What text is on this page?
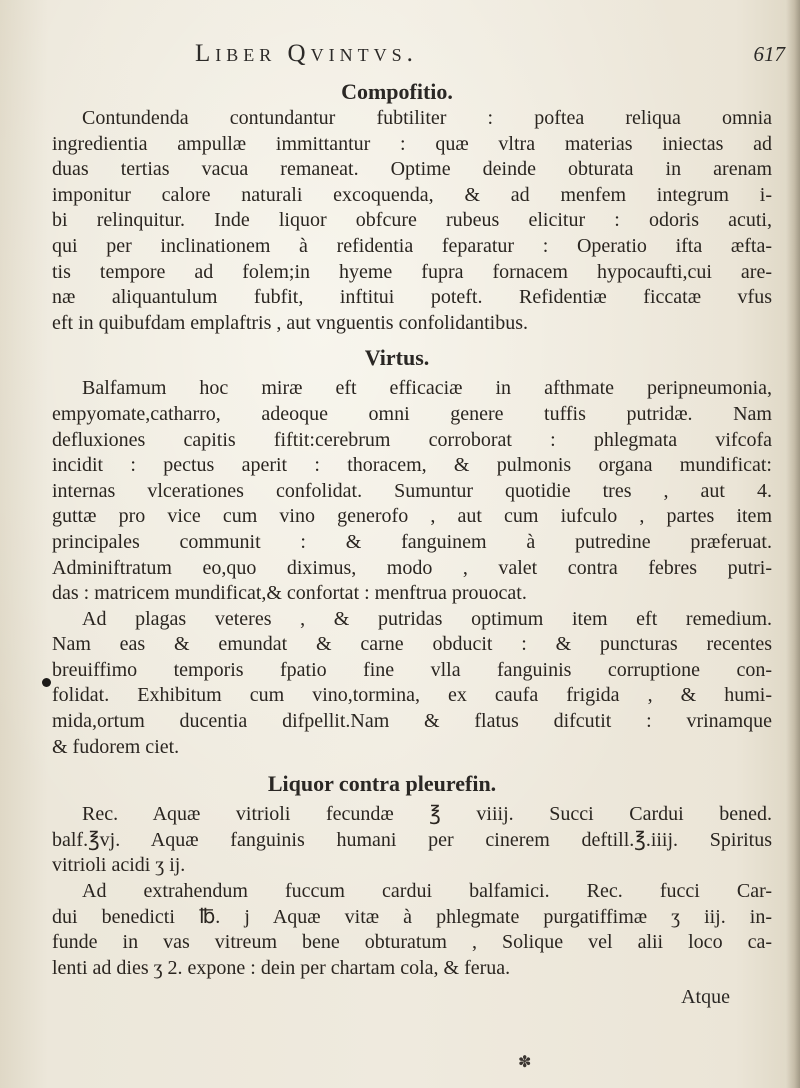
Liber Qvintvs.	617
Compofitio.
Contundenda contundantur fubtiliter : poftea reliqua omnia
ingredientia ampullæ immittantur : quæ vltra materias iniectas ad
duas tertias vacua remaneat. Optime deinde obturata in arenam
imponitur calore naturali excoquenda, & ad menfem integrum i-
bi relinquitur. Inde liquor obfcure rubeus elicitur : odoris acuti,
qui per inclinationem à refidentia feparatur : Operatio ifta æfta-
tis tempore ad folem;in hyeme fupra fornacem hypocaufti,cui are-
næ aliquantulum fubfit, inftitui poteft. Refidentiæ ficcatæ vfus
eft in quibufdam emplaftris , aut vnguentis confolidantibus.
Virtus.
Balfamum hoc miræ eft efficaciæ in afthmate peripneumonia,
empyomate,catharro, adeoque omni genere tuffis putridæ. Nam
defluxiones capitis fiftit:cerebrum corroborat : phlegmata vifcofa
incidit : pectus aperit : thoracem, & pulmonis organa mundificat:
internas vlcerationes confolidat. Sumuntur quotidie tres , aut 4.
guttæ pro vice cum vino generofo , aut cum iufculo , partes item
principales communit : & fanguinem à putredine præferuat.
Adminiftratum eo,quo diximus, modo , valet contra febres putri-
das : matricem mundificat,& confortat : menftrua prouocat.
Ad plagas veteres , & putridas optimum item eft remedium.
Nam eas & emundat & carne obducit : & puncturas recentes
breuiffimo temporis fpatio fine vlla fanguinis corruptione con-
folidat. Exhibitum cum vino,tormina, ex caufa frigida , & humi-
mida,ortum ducentia difpellit.Nam & flatus difcutit : vrinamque
& fudorem ciet.
Liquor contra pleurefin.
Rec. Aquæ vitrioli fecundæ ℥ viiij. Succi Cardui bened.
balf.℥vj. Aquæ fanguinis humani per cinerem deftill.℥.iiij. Spiritus
vitrioli acidi ʒ ij.
Ad extrahendum fuccum cardui balfamici. Rec. fucci Car-
dui benedicti ℔. j Aquæ vitæ à phlegmate purgatiffimæ ʒ iij. in-
funde in vas vitreum bene obturatum , Solique vel alii loco ca-
lenti ad dies ʒ 2. expone : dein per chartam cola, & ferua.
Atque
✽
